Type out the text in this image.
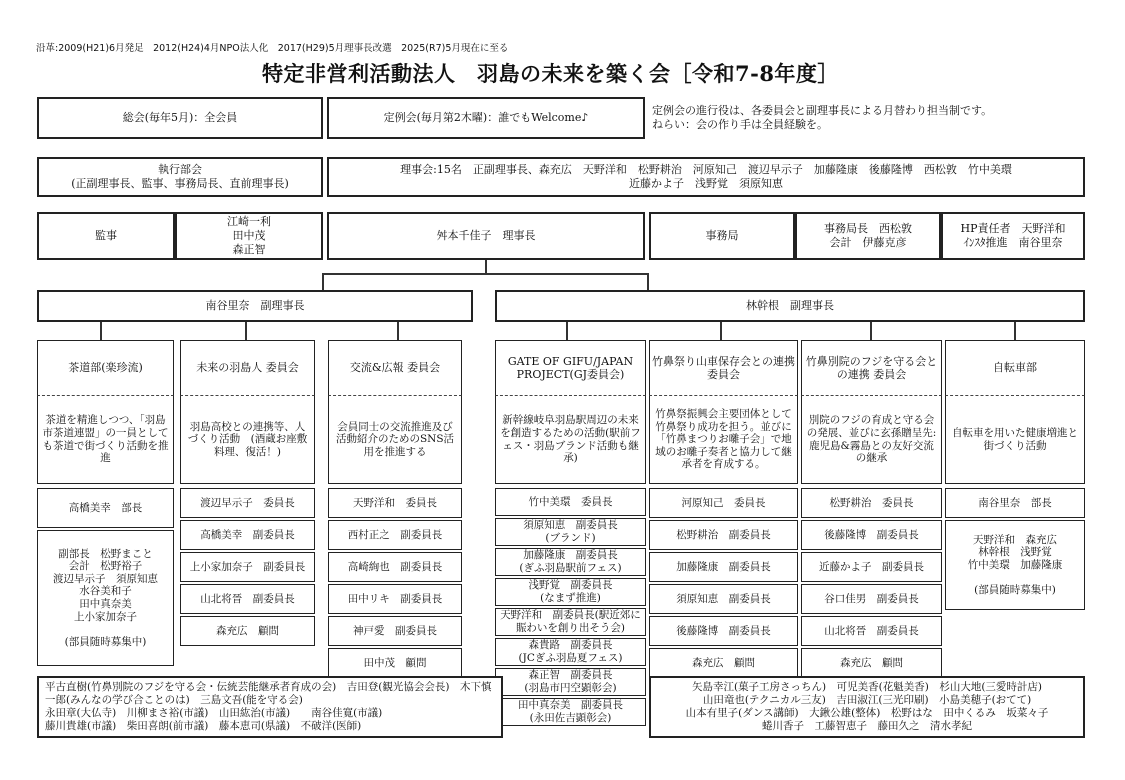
沿革:2009(H21)6月発足　2012(H24)4月NPO法人化　2017(H29)5月理事長改選　2025(R7)5月現在に至る
特定非営利活動法人　羽島の未来を築く会［令和7‑8年度］
総会(毎年5月)：全会員	定例会(毎月第2木曜)：誰でもWelcome♪
定例会の進行役は、各委員会と副理事長による月替わり担当制です。
ねらい：会の作り手は全員経験を。
執行部会
(正副理事長、監事、事務局長、直前理事長)
理事会:15名　正副理事長、森充広　天野洋和　松野耕治　河原知己　渡辺早示子　加藤隆康　後藤隆博　西松敦　竹中美環
近藤かよ子　浅野覚　須原知恵
監事
江崎一利
田中茂
森正智
舛本千佳子　理事長	事務局
事務局長　西松敦
会計　伊藤克彦
HP責任者　天野洋和
ｲﾝｽﾀ推進　南谷里奈
南谷里奈　副理事長	林幹根　副理事長
茶道部(楽珍流)
茶道を精進しつつ、「羽島市茶道連盟」の一員としても茶道で街づくり活動を推進
高橋美幸　部長
副部長　松野まこと
会計　松野裕子
渡辺早示子　須原知恵
水谷美和子
田中真奈美
上小家加奈子

(部員随時募集中)
未来の羽島人 委員会
羽島高校との連携等、人づくり活動　(酒蔵お座敷料理、復活！)
渡辺早示子　委員長
高橋美幸　副委員長
上小家加奈子　副委員長
山北将晉　副委員長
森充広　顧問
交流&広報 委員会
会員同士の交流推進及び活動紹介のためのSNS活用を推進する
天野洋和　委員長
西村正之　副委員長
高崎絢也　副委員長
田中リキ　副委員長
神戸愛　副委員長
田中茂　顧問
GATE OF GIFU/JAPAN PROJECT(GJ委員会)
新幹線岐阜羽島駅周辺の未来を創造するための活動(駅前フェス・羽島ブランド活動も継承)
竹中美環　委員長
須原知恵　副委員長
(ブランド)
加藤隆康　副委員長
(ぎふ羽島駅前フェス)
浅野覚　副委員長
(なまず推進)
天野洋和　副委員長(駅近郊に賑わいを創り出そう会)
森貴路　副委員長
(JCぎふ羽島夏フェス)
森正智　副委員長
(羽島市円空顕彰会)
田中真奈美　副委員長
(永田佐吉顕彰会)
竹鼻祭り山車保存会との連携 委員会
竹鼻祭振興会主要団体として竹鼻祭り成功を担う。並びに「竹鼻まつりお囃子会」で地域のお囃子奏者と協力して継承者を育成する。
河原知己　委員長
松野耕治　副委員長
加藤隆康　副委員長
須原知恵　副委員長
後藤隆博　副委員長
森充広　顧問
竹鼻別院のフジを守る会との連携 委員会
別院のフジの育成と守る会の発展、並びに玄孫贈呈先:鹿児島&霧島との友好交流の継承
松野耕治　委員長
後藤隆博　副委員長
近藤かよ子　副委員長
谷口佳男　副委員長
山北将晉　副委員長
森充広　顧問
自転車部
自転車を用いた健康増進と街づくり活動
南谷里奈　部長
天野洋和　森充広
林幹根　浅野覚
竹中美環　加藤隆康

(部員随時募集中)
平古直樹(竹鼻別院のフジを守る会・伝統芸能継承者育成の会)　吉田登(観光協会会長)　木下慎一郎(みんなの学び合ことのは)　三島文吾(能を守る会)
永田章(大仏寺)　川柳まさ裕(市議)　山田紘治(市議)　　南谷佳寛(市議)
藤川貴雄(市議)　柴田喜朗(前市議)　藤本恵司(県議)　不破洋(医師)
矢島幸江(菓子工房さっちん)　可児美香(花魁美香)　杉山大地(三愛時計店)
山田竜也(テクニカル三友)　吉田淑江(三光印刷)　小島美穂子(おてて)
山本有里子(ダンス講師)　大鍬公雄(整体)　松野はな　田中くるみ　坂菜々子
蜷川香子　工藤智恵子　藤田久之　清水孝紀
